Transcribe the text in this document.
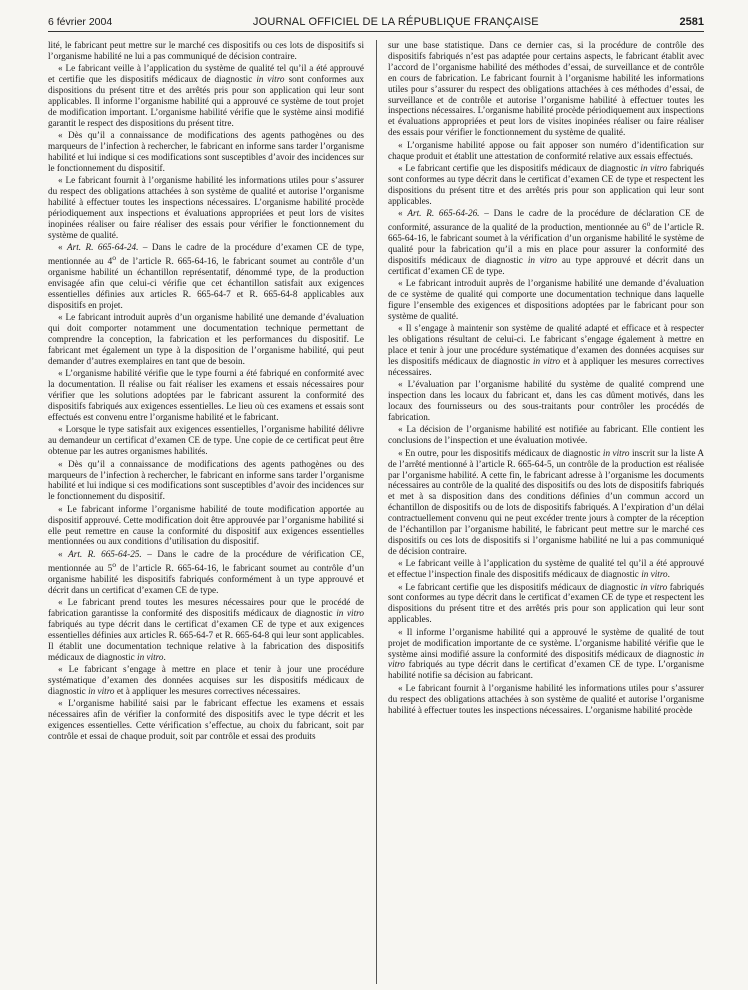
6 février 2004	JOURNAL OFFICIEL DE LA RÉPUBLIQUE FRANÇAISE	2581

lité, le fabricant peut mettre sur le marché ces dispositifs ou ces lots de dispositifs si l’organisme habilité ne lui a pas communiqué de décision contraire.

« Le fabricant veille à l’application du système de qualité tel qu’il a été approuvé et certifie que les dispositifs médicaux de diagnostic in vitro sont conformes aux dispositions du présent titre et des arrêtés pris pour son application qui leur sont applicables. Il informe l’organisme habilité qui a approuvé ce système de tout projet de modification important. L’organisme habilité vérifie que le système ainsi modifié garantit le respect des dispositions du présent titre.

« Dès qu’il a connaissance de modifications des agents pathogènes ou des marqueurs de l’infection à rechercher, le fabricant en informe sans tarder l’organisme habilité et lui indique si ces modifications sont susceptibles d’avoir des incidences sur le fonctionnement du dispositif.

« Le fabricant fournit à l’organisme habilité les informations utiles pour s’assurer du respect des obligations attachées à son système de qualité et autorise l’organisme habilité à effectuer toutes les inspections nécessaires. L’organisme habilité procède périodiquement aux inspections et évaluations appropriées et peut lors de visites inopinées réaliser ou faire réaliser des essais pour vérifier le fonctionnement du système de qualité.

« Art. R. 665-64-24. – Dans le cadre de la procédure d’examen CE de type, mentionnée au 4$^o$ de l’article R. 665-64-16, le fabricant soumet au contrôle d’un organisme habilité un échantillon représentatif, dénommé type, de la production envisagée afin que celui-ci vérifie que cet échantillon satisfait aux exigences essentielles définies aux articles R. 665-64-7 et R. 665-64-8 applicables aux dispositifs en projet.

« Le fabricant introduit auprès d’un organisme habilité une demande d’évaluation qui doit comporter notamment une documentation technique permettant de comprendre la conception, la fabrication et les performances du dispositif. Le fabricant met également un type à la disposition de l’organisme habilité, qui peut demander d’autres exemplaires en tant que de besoin.

« L’organisme habilité vérifie que le type fourni a été fabriqué en conformité avec la documentation. Il réalise ou fait réaliser les examens et essais nécessaires pour vérifier que les solutions adoptées par le fabricant assurent la conformité des dispositifs fabriqués aux exigences essentielles. Le lieu où ces examens et essais sont effectués est convenu entre l’organisme habilité et le fabricant.

« Lorsque le type satisfait aux exigences essentielles, l’organisme habilité délivre au demandeur un certificat d’examen CE de type. Une copie de ce certificat peut être obtenue par les autres organismes habilités.

« Dès qu’il a connaissance de modifications des agents pathogènes ou des marqueurs de l’infection à rechercher, le fabricant en informe sans tarder l’organisme habilité et lui indique si ces modifications sont susceptibles d’avoir des incidences sur le fonctionnement du dispositif.

« Le fabricant informe l’organisme habilité de toute modification apportée au dispositif approuvé. Cette modification doit être approuvée par l’organisme habilité si elle peut remettre en cause la conformité du dispositif aux exigences essentielles mentionnées ou aux conditions d’utilisation du dispositif.

« Art. R. 665-64-25. – Dans le cadre de la procédure de vérification CE, mentionnée au 5$^o$ de l’article R. 665-64-16, le fabricant soumet au contrôle d’un organisme habilité les dispositifs fabriqués conformément à un type approuvé et décrit dans un certificat d’examen CE de type.

« Le fabricant prend toutes les mesures nécessaires pour que le procédé de fabrication garantisse la conformité des dispositifs médicaux de diagnostic in vitro fabriqués au type décrit dans le certificat d’examen CE de type et aux exigences essentielles définies aux articles R. 665-64-7 et R. 665-64-8 qui leur sont applicables. Il établit une documentation technique relative à la fabrication des dispositifs médicaux de diagnostic in vitro.

« Le fabricant s’engage à mettre en place et tenir à jour une procédure systématique d’examen des données acquises sur les dispositifs médicaux de diagnostic in vitro et à appliquer les mesures correctives nécessaires.

« L’organisme habilité saisi par le fabricant effectue les examens et essais nécessaires afin de vérifier la conformité des dispositifs avec le type décrit et les exigences essentielles. Cette vérification s’effectue, au choix du fabricant, soit par contrôle et essai de chaque produit, soit par contrôle et essai des produits

sur une base statistique. Dans ce dernier cas, si la procédure de contrôle des dispositifs fabriqués n’est pas adaptée pour certains aspects, le fabricant établit avec l’accord de l’organisme habilité des méthodes d’essai, de surveillance et de contrôle en cours de fabrication. Le fabricant fournit à l’organisme habilité les informations utiles pour s’assurer du respect des obligations attachées à ces méthodes d’essai, de surveillance et de contrôle et autorise l’organisme habilité à effectuer toutes les inspections nécessaires. L’organisme habilité procède périodiquement aux inspections et évaluations appropriées et peut lors de visites inopinées réaliser ou faire réaliser des essais pour vérifier le fonctionnement du système de qualité.

« L’organisme habilité appose ou fait apposer son numéro d’identification sur chaque produit et établit une attestation de conformité relative aux essais effectués.

« Le fabricant certifie que les dispositifs médicaux de diagnostic in vitro fabriqués sont conformes au type décrit dans le certificat d’examen CE de type et respectent les dispositions du présent titre et des arrêtés pris pour son application qui leur sont applicables.

« Art. R. 665-64-26. – Dans le cadre de la procédure de déclaration CE de conformité, assurance de la qualité de la production, mentionnée au 6$^o$ de l’article R. 665-64-16, le fabricant soumet à la vérification d’un organisme habilité le système de qualité pour la fabrication qu’il a mis en place pour assurer la conformité des dispositifs médicaux de diagnostic in vitro au type approuvé et décrit dans un certificat d’examen CE de type.

« Le fabricant introduit auprès de l’organisme habilité une demande d’évaluation de ce système de qualité qui comporte une documentation technique dans laquelle figure l’ensemble des exigences et dispositions adoptées par le fabricant pour son système de qualité.

« Il s’engage à maintenir son système de qualité adapté et efficace et à respecter les obligations résultant de celui-ci. Le fabricant s’engage également à mettre en place et tenir à jour une procédure systématique d’examen des données acquises sur les dispositifs médicaux de diagnostic in vitro et à appliquer les mesures correctives nécessaires.

« L’évaluation par l’organisme habilité du système de qualité comprend une inspection dans les locaux du fabricant et, dans les cas dûment motivés, dans les locaux des fournisseurs ou des sous-traitants pour contrôler les procédés de fabrication.

« La décision de l’organisme habilité est notifiée au fabricant. Elle contient les conclusions de l’inspection et une évaluation motivée.

« En outre, pour les dispositifs médicaux de diagnostic in vitro inscrit sur la liste A de l’arrêté mentionné à l’article R. 665-64-5, un contrôle de la production est réalisée par l’organisme habilité. A cette fin, le fabricant adresse à l’organisme les documents nécessaires au contrôle de la qualité des dispositifs ou des lots de dispositifs fabriqués et met à sa disposition dans des conditions définies d’un commun accord un échantillon de dispositifs ou de lots de dispositifs fabriqués. A l’expiration d’un délai contractuellement convenu qui ne peut excéder trente jours à compter de la réception de l’échantillon par l’organisme habilité, le fabricant peut mettre sur le marché ces dispositifs ou ces lots de dispositifs si l’organisme habilité ne lui a pas communiqué de décision contraire.

« Le fabricant veille à l’application du système de qualité tel qu’il a été approuvé et effectue l’inspection finale des dispositifs médicaux de diagnostic in vitro.

« Le fabricant certifie que les dispositifs médicaux de diagnostic in vitro fabriqués sont conformes au type décrit dans le certificat d’examen CE de type et respectent les dispositions du présent titre et des arrêtés pris pour son application qui leur sont applicables.

« Il informe l’organisme habilité qui a approuvé le système de qualité de tout projet de modification importante de ce système. L’organisme habilité vérifie que le système ainsi modifié assure la conformité des dispositifs médicaux de diagnostic in vitro fabriqués au type décrit dans le certificat d’examen CE de type. L’organisme habilité notifie sa décision au fabricant.

« Le fabricant fournit à l’organisme habilité les informations utiles pour s’assurer du respect des obligations attachées à son système de qualité et autorise l’organisme habilité à effectuer toutes les inspections nécessaires. L’organisme habilité procède
